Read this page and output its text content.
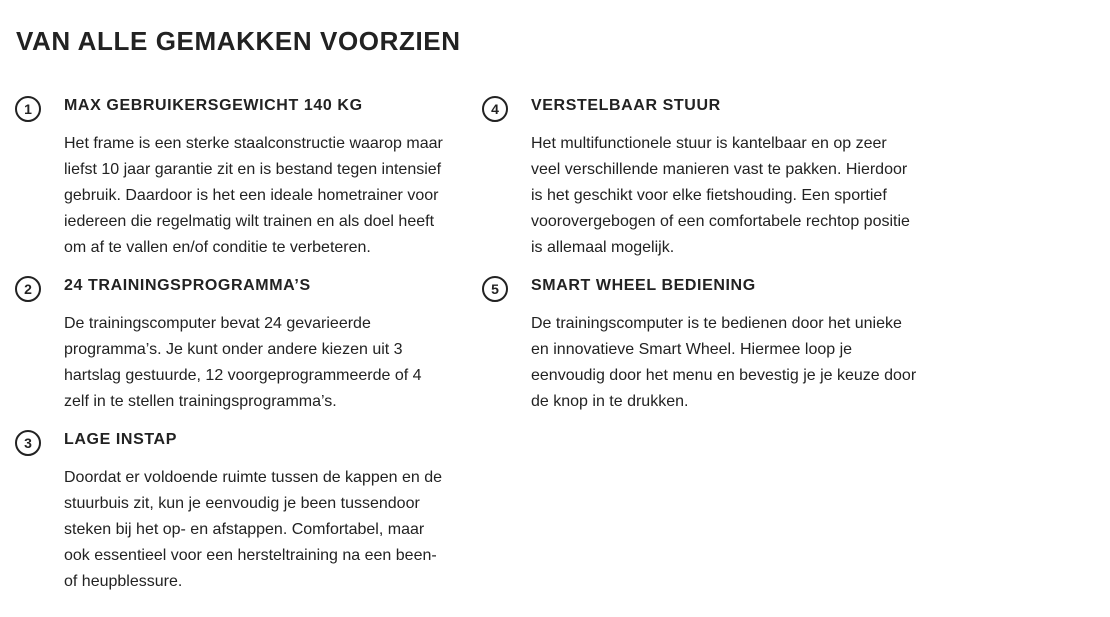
VAN ALLE GEMAKKEN VOORZIEN
1	MAX GEBRUIKERSGEWICHT 140 KG

Het frame is een sterke staalconstructie waarop maar
liefst 10 jaar garantie zit en is bestand tegen intensief
gebruik. Daardoor is het een ideale hometrainer voor
iedereen die regelmatig wilt trainen en als doel heeft
om af te vallen en/of conditie te verbeteren.

2	24 TRAININGSPROGRAMMA’S

De trainingscomputer bevat 24 gevarieerde
programma’s. Je kunt onder andere kiezen uit 3
hartslag gestuurde, 12 voorgeprogrammeerde of 4
zelf in te stellen trainingsprogramma’s.

3	LAGE INSTAP

Doordat er voldoende ruimte tussen de kappen en de
stuurbuis zit, kun je eenvoudig je been tussendoor
steken bij het op- en afstappen. Comfortabel, maar
ook essentieel voor een hersteltraining na een been-
of heupblessure.

4	VERSTELBAAR STUUR

Het multifunctionele stuur is kantelbaar en op zeer
veel verschillende manieren vast te pakken. Hierdoor
is het geschikt voor elke fietshouding. Een sportief
voorovergebogen of een comfortabele rechtop positie
is allemaal mogelijk.

5	SMART WHEEL BEDIENING

De trainingscomputer is te bedienen door het unieke
en innovatieve Smart Wheel. Hiermee loop je
eenvoudig door het menu en bevestig je je keuze door
de knop in te drukken.
